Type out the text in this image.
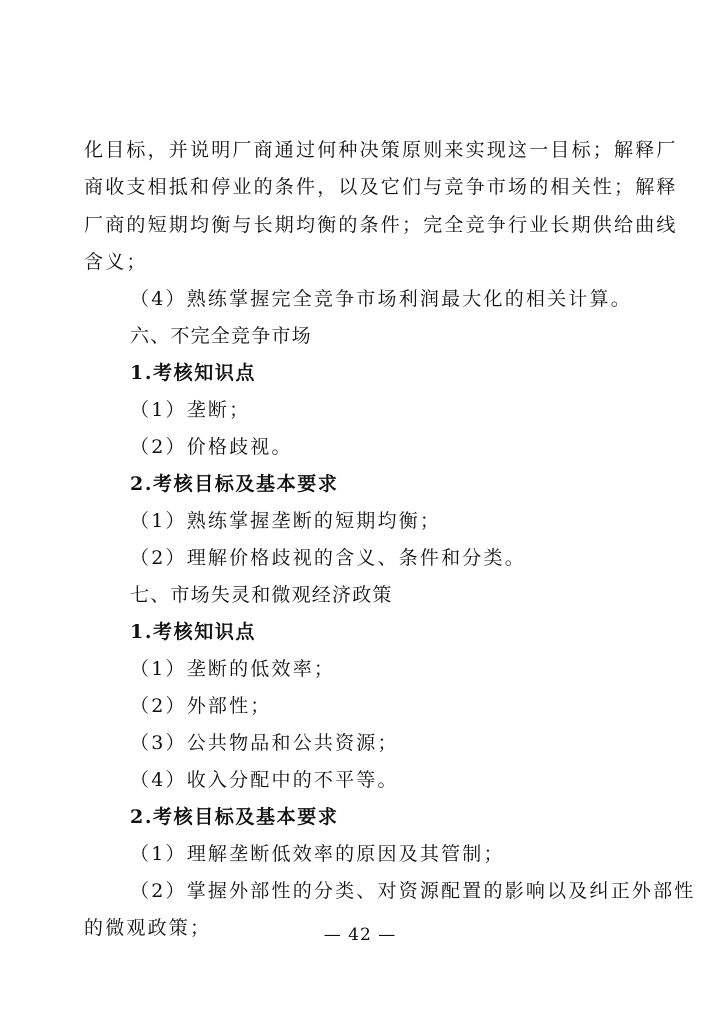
化目标，并说明厂商通过何种决策原则来实现这一目标；解释厂
商收支相抵和停业的条件，以及它们与竞争市场的相关性；解释
厂商的短期均衡与长期均衡的条件；完全竞争行业长期供给曲线
含义；
（4）熟练掌握完全竞争市场利润最大化的相关计算。
六、不完全竞争市场
1.考核知识点
（1）垄断；
（2）价格歧视。
2.考核目标及基本要求
（1）熟练掌握垄断的短期均衡；
（2）理解价格歧视的含义、条件和分类。
七、市场失灵和微观经济政策
1.考核知识点
（1）垄断的低效率；
（2）外部性；
（3）公共物品和公共资源；
（4）收入分配中的不平等。
2.考核目标及基本要求
（1）理解垄断低效率的原因及其管制；
（2）掌握外部性的分类、对资源配置的影响以及纠正外部性
的微观政策；	— 42 —
